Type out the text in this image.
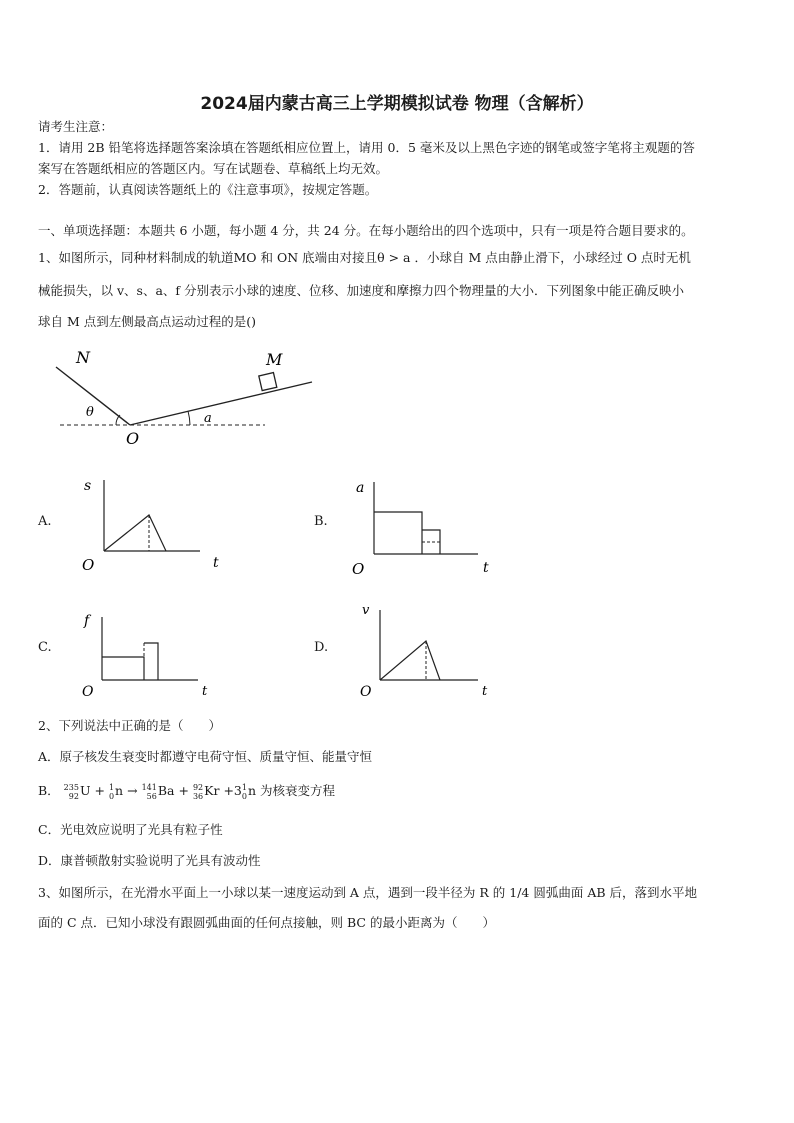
2024届内蒙古高三上学期模拟试卷 物理（含解析）
请考生注意：
1．请用 2B 铅笔将选择题答案涂填在答题纸相应位置上，请用 0．5 毫米及以上黑色字迹的钢笔或签字笔将主观题的答
案写在答题纸相应的答题区内。写在试题卷、草稿纸上均无效。
2．答题前，认真阅读答题纸上的《注意事项》，按规定答题。
一、单项选择题：本题共 6 小题，每小题 4 分，共 24 分。在每小题给出的四个选项中，只有一项是符合题目要求的。
1、如图所示，同种材料制成的轨道MO 和 ON 底端由对接且θ > a ．小球自 M 点由静止滑下，小球经过 O 点时无机
械能损失，以 v、s、a、f 分别表示小球的速度、位移、加速度和摩擦力四个物理量的大小．下列图象中能正确反映小
球自 M 点到左侧最高点运动过程的是()
N	M
O
θ	a
A.
s
t
O
B.
a
t
O
C.
f
t
O
D.
v
t
O
2、下列说法中正确的是（　　）
A．原子核发生衰变时都遵守电荷守恒、质量守恒、能量守恒
B． 235
92U + 1
0n → 141
56Ba + 92
36Kr +31
0n 为核衰变方程
C．光电效应说明了光具有粒子性
D．康普顿散射实验说明了光具有波动性
3、如图所示，在光滑水平面上一小球以某一速度运动到 A 点，遇到一段半径为 R 的 1/4 圆弧曲面 AB 后，落到水平地
面的 C 点．已知小球没有跟圆弧曲面的任何点接触，则 BC 的最小距离为（　　）
